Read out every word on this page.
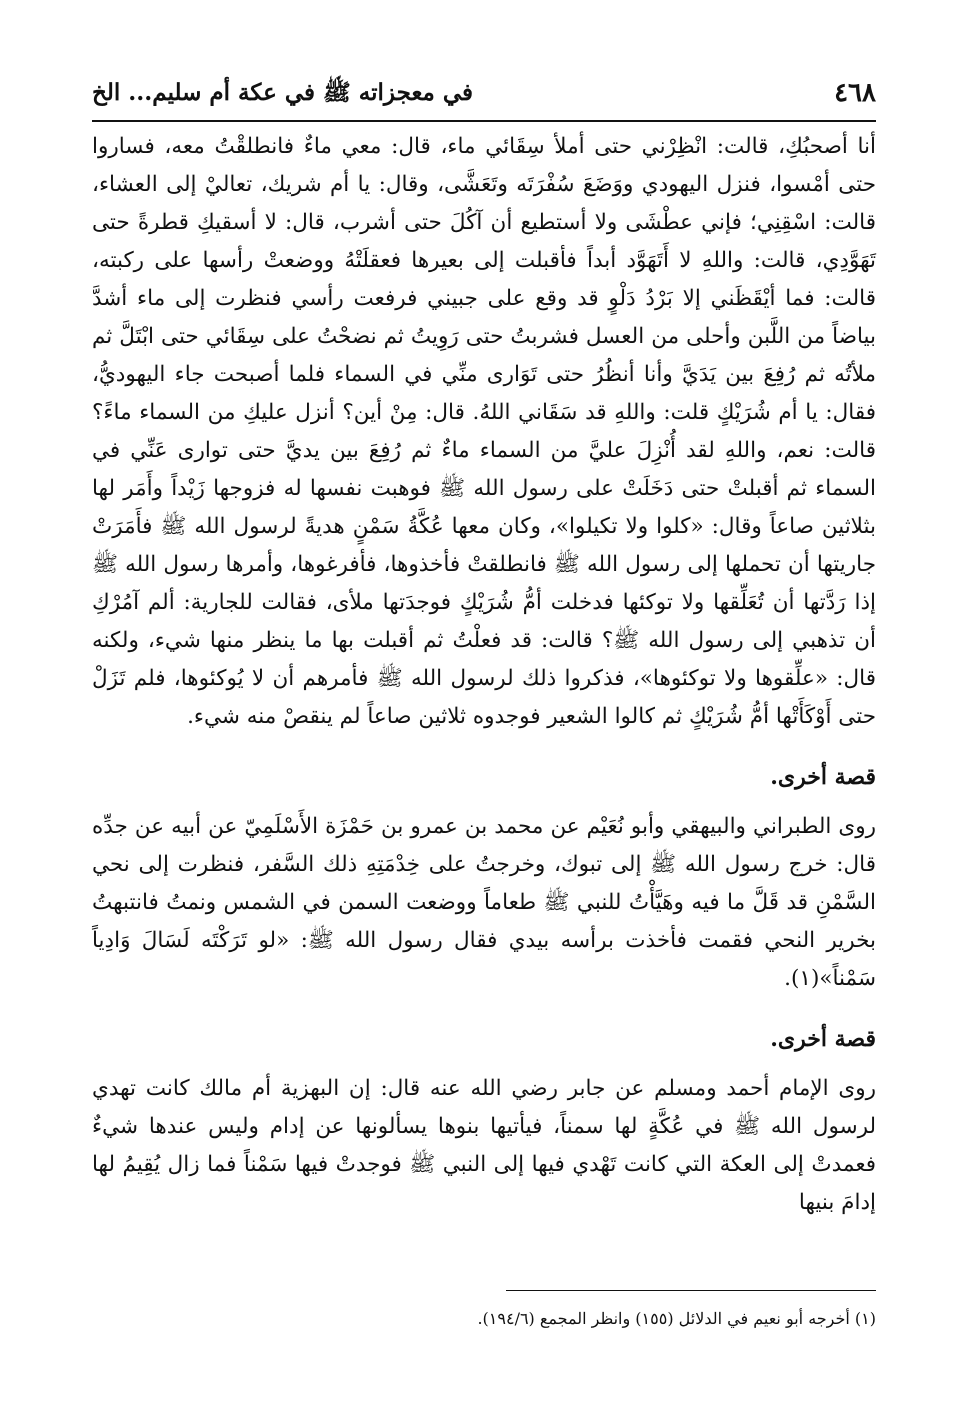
٤٦٨
في معجزاته ﷺ في عكة أم سليم... الخ

أنا أصحبُكِ، قالت: انْظِرْني حتى أملأ سِقَائي ماء، قال: معي ماءٌ فانطلقْتُ معه، فساروا حتى أمْسوا، فنزل اليهودي ووَضَعَ سُفْرَتَه وتَعَشَّى، وقال: يا أم شريك، تعاليْ إلى العشاء، قالت: اسْقِنِي؛ فإني عطْشَى ولا أستطيع أن آكُلَ حتى أشرب، قال: لا أسقيكِ قطرةً حتى تَهَوَّدِي، قالت: واللهِ لا أَتَهَوَّد أبداً فأقبلت إلى بعيرها فعقلَتْهُ ووضعتْ رأسها على ركبته، قالت: فما أيْقَظَني إلا بَرْدُ دَلْوٍ قد وقع على جبيني فرفعت رأسي فنظرت إلى ماء أشدَّ بياضاً من اللَّبن وأحلى من العسل فشربتُ حتى رَوِيتُ ثم نضحْتُ على سِقَائي حتى ابْتَلَّ ثم ملأتُه ثم رُفِعَ بين يَدَيَّ وأنا أنظُرُ حتى تَوَارى منِّي في السماء فلما أصبحت جاء اليهوديُّ، فقال: يا أم شُرَيْكٍ قلت: واللهِ قد سَقَاني اللهُ. قال: مِنْ أين؟ أنزل عليكِ من السماء ماءً؟ قالت: نعم، واللهِ لقد أُنْزِلَ عليَّ من السماء ماءٌ ثم رُفِعَ بين يديَّ حتى توارى عَنِّي في السماء ثم أقبلتْ حتى دَخَلَتْ على رسول الله ﷺ فوهبت نفسها له فزوجها زَيْداً وأَمَر لها بثلاثين صاعاً وقال: «كلوا ولا تكيلوا»، وكان معها عُكَّةُ سَمْنٍ هديةً لرسول الله ﷺ فأَمَرَتْ جاريتها أن تحملها إلى رسول الله ﷺ فانطلقتْ فأخذوها، فأفرغوها، وأمرها رسول الله ﷺ إذا رَدَّتها أن تُعَلِّقها ولا توكئها فدخلت أمُّ شُرَيْكٍ فوجدَتها ملأى، فقالت للجارية: ألم آمُرْكِ أن تذهبي إلى رسول الله ﷺ؟ قالت: قد فعلْتُ ثم أقبلت بها ما ينظر منها شيء، ولكنه قال: «علِّقوها ولا توكئوها»، فذكروا ذلك لرسول الله ﷺ فأمرهم أن لا يُوكئوها، فلم تَزَلْ حتى أَوْكَأَتْها أمُّ شُرَيْكٍ ثم كالوا الشعير فوجدوه ثلاثين صاعاً لم ينقصْ منه شيء.

قصة أخرى.

روى الطبراني والبيهقي وأبو نُعَيْم عن محمد بن عمرو بن حَمْزَة الأَسْلَمِيّ عن أبيه عن جدِّه قال: خرج رسول الله ﷺ إلى تبوك، وخرجتُ على خِدْمَتِهِ ذلك السَّفر، فنظرت إلى نحي السَّمْنِ قد قَلَّ ما فيه وهَيَّأْتُ للنبي ﷺ طعاماً ووضعت السمن في الشمس ونمتُ فانتبهتُ بخرير النحي فقمت فأخذت برأسه بيدي فقال رسول الله ﷺ: «لو تَرَكْتَه لَسَالَ وَادِياً سَمْناً»(١).

قصة أخرى.

روى الإمام أحمد ومسلم عن جابر رضي الله عنه قال: إن البهزية أم مالك كانت تهدي لرسول الله ﷺ في عُكَّةٍ لها سمناً، فيأتيها بنوها يسألونها عن إدام وليس عندها شيءٌ فعمدتْ إلى العكة التي كانت تَهْدي فيها إلى النبي ﷺ فوجدتْ فيها سَمْناً فما زال يُقِيمُ لها إدامَ بنيها

(١) أخرجه أبو نعيم في الدلائل (١٥٥) وانظر المجمع (١٩٤/٦).
